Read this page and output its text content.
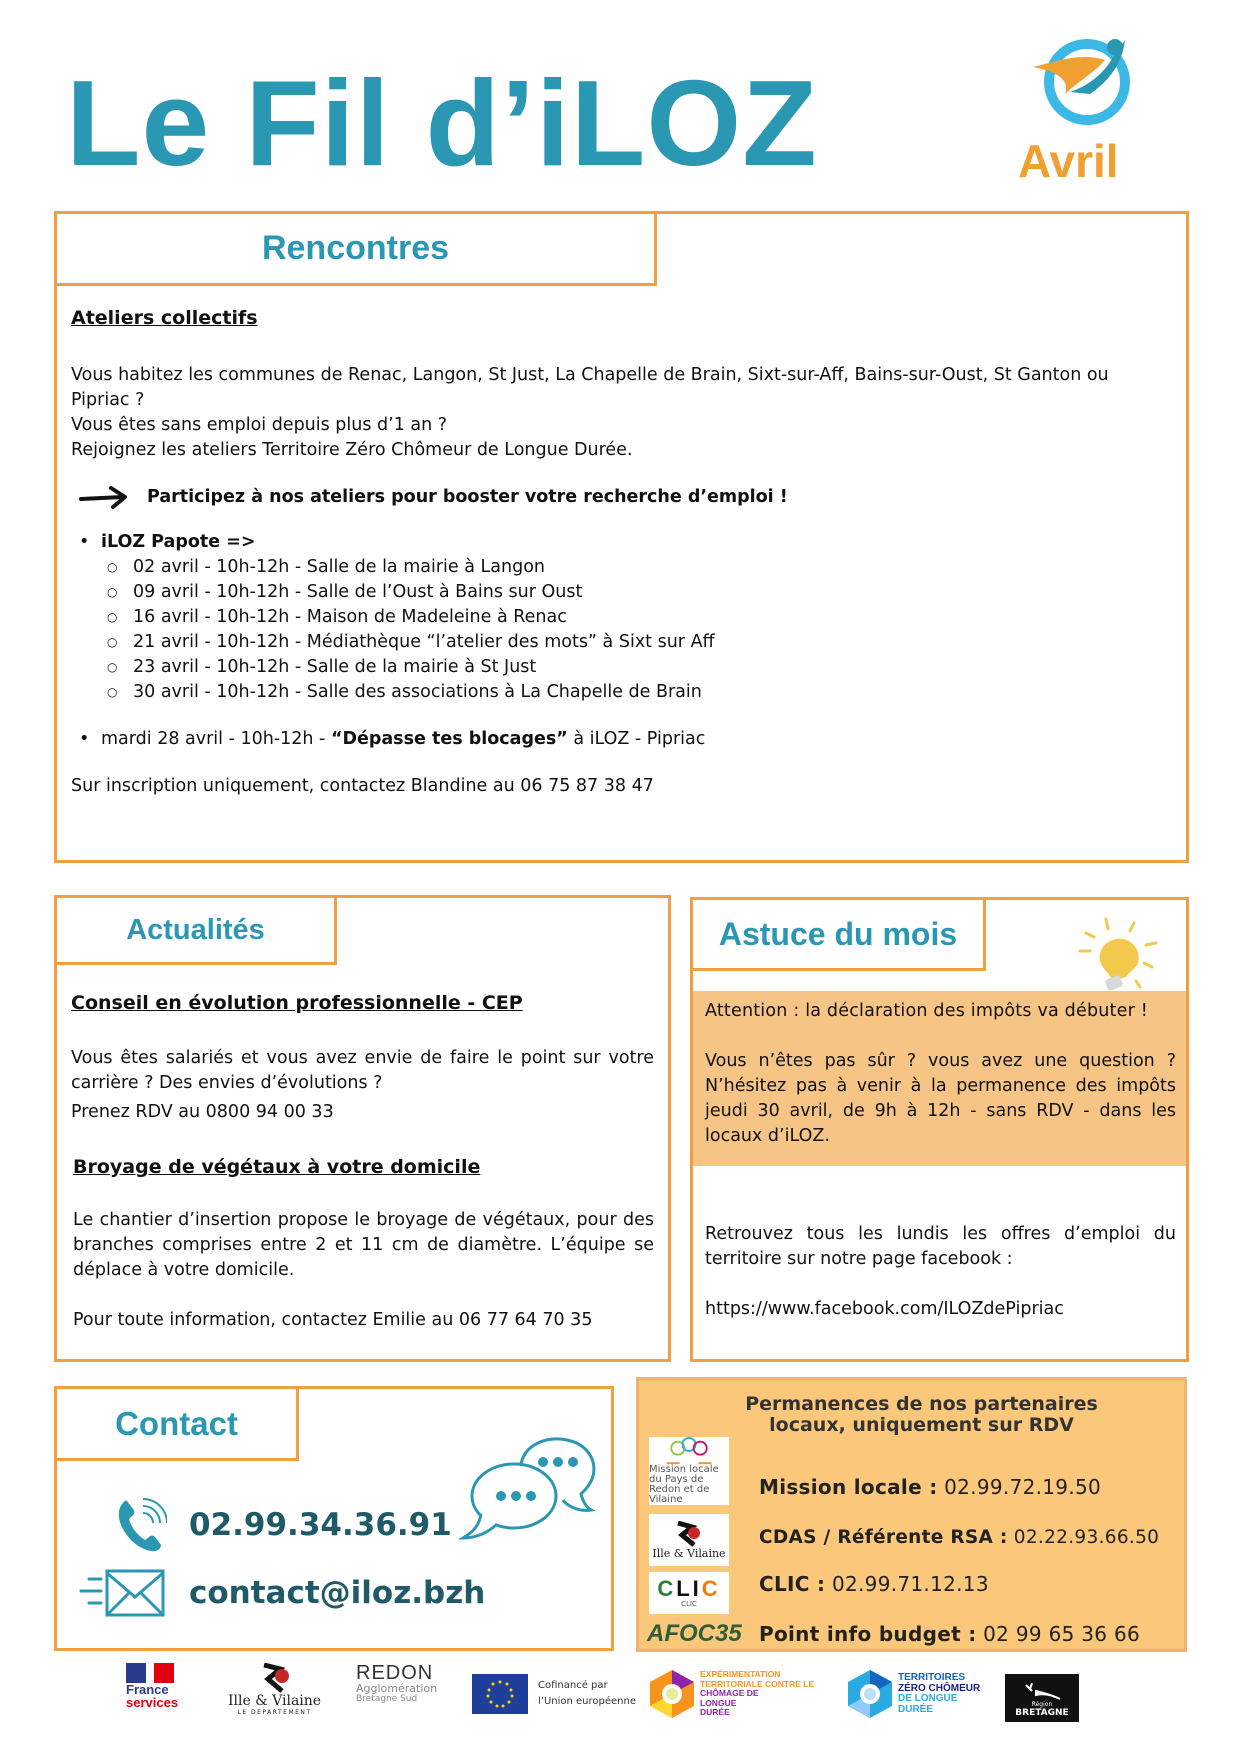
Le Fil d’iLOZ	Avril
Rencontres
Ateliers collectifs
Vous habitez les communes de Renac, Langon, St Just, La Chapelle de Brain, Sixt-sur-Aff, Bains-sur-Oust, St Ganton ou Pipriac ?
Vous êtes sans emploi depuis plus d’1 an ?
Rejoignez les ateliers Territoire Zéro Chômeur de Longue Durée.
Participez à nos ateliers pour booster votre recherche d’emploi !
• iLOZ Papote =>
○ 02 avril - 10h-12h - Salle de la mairie à Langon
○ 09 avril - 10h-12h - Salle de l’Oust à Bains sur Oust
○ 16 avril - 10h-12h - Maison de Madeleine à Renac
○ 21 avril - 10h-12h - Médiathèque “l’atelier des mots” à Sixt sur Aff
○ 23 avril - 10h-12h - Salle de la mairie à St Just
○ 30 avril - 10h-12h - Salle des associations à La Chapelle de Brain
• mardi 28 avril - 10h-12h - “Dépasse tes blocages” à iLOZ - Pipriac
Sur inscription uniquement, contactez Blandine au 06 75 87 38 47
Actualités
Conseil en évolution professionnelle - CEP
Vous êtes salariés et vous avez envie de faire le point sur votre carrière ? Des envies d’évolutions ?
Prenez RDV au 0800 94 00 33
Broyage de végétaux à votre domicile
Le chantier d’insertion propose le broyage de végétaux, pour des branches comprises entre 2 et 11 cm de diamètre. L’équipe se déplace à votre domicile.
Pour toute information, contactez Emilie au 06 77 64 70 35
Astuce du mois
Attention : la déclaration des impôts va débuter !
Vous n’êtes pas sûr ? vous avez une question ? N’hésitez pas à venir à la permanence des impôts jeudi 30 avril, de 9h à 12h - sans RDV - dans les locaux d’iLOZ.
Retrouvez tous les lundis les offres d’emploi du territoire sur notre page facebook :
https://www.facebook.com/ILOZdePipriac
Contact
02.99.34.36.91
contact@iloz.bzh
Permanences de nos partenaires
locaux, uniquement sur RDV
Mission locale du Pays de Redon et de Vilaine
Mission locale : 02.99.72.19.50
Ille & Vilaine
CDAS / Référente RSA : 02.22.93.66.50
CLIC
CLIC
CLIC : 02.99.71.12.13
AFOC35 Point info budget : 02 99 65 36 66
France
services	Ille & Vilaine
LE DEPARTEMENT
REDON
Agglomération
Bretagne Sud
Cofinancé par
l’Union européenne
EXPÉRIMENTATION
TERRITORIALE CONTRE LE
CHÔMAGE DE
LONGUE
DURÉE
TERRITOIRES
ZÉRO CHÔMEUR
DE LONGUE
DURÉE	Région
BRETAGNE
